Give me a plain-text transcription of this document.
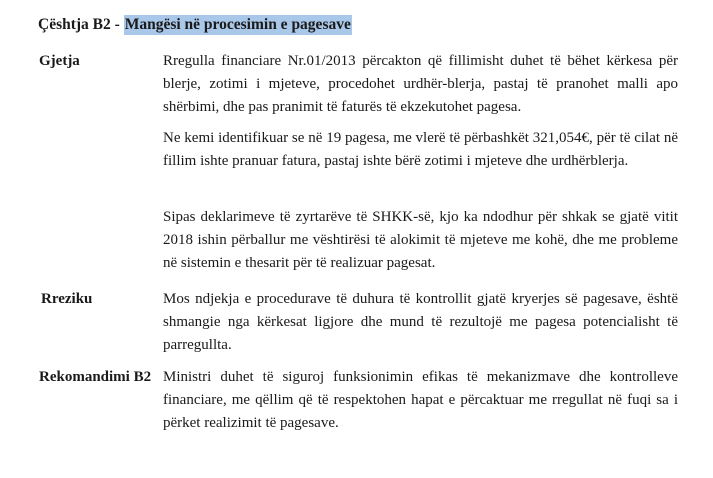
Çështja B2 - Mangësi në procesimin e pagesave
Gjetja	Rregulla financiare Nr.01/2013 përcakton që fillimisht duhet të bëhet kërkesa për blerje, zotimi i mjeteve, procedohet urdhër-blerja, pastaj të pranohet malli apo shërbimi, dhe pas pranimit të faturës të ekzekutohet pagesa.
Ne kemi identifikuar se në 19 pagesa, me vlerë të përbashkët 321,054€, për të cilat në fillim ishte pranuar fatura, pastaj ishte bërë zotimi i mjeteve dhe urdhërblerja.
Sipas deklarimeve të zyrtarëve të SHKK-së, kjo ka ndodhur për shkak se gjatë vitit 2018 ishin përballur me vështirësi të alokimit të mjeteve me kohë, dhe me probleme në sistemin e thesarit për të realizuar pagesat.
Rreziku	Mos ndjekja e procedurave të duhura të kontrollit gjatë kryerjes së pagesave, është shmangie nga kërkesat ligjore dhe mund të rezultojë me pagesa potencialisht të parregullta.
Rekomandimi B2 Ministri duhet të siguroj funksionimin efikas të mekanizmave dhe kontrolleve financiare, me qëllim që të respektohen hapat e përcaktuar me rregullat në fuqi sa i përket realizimit të pagesave.
